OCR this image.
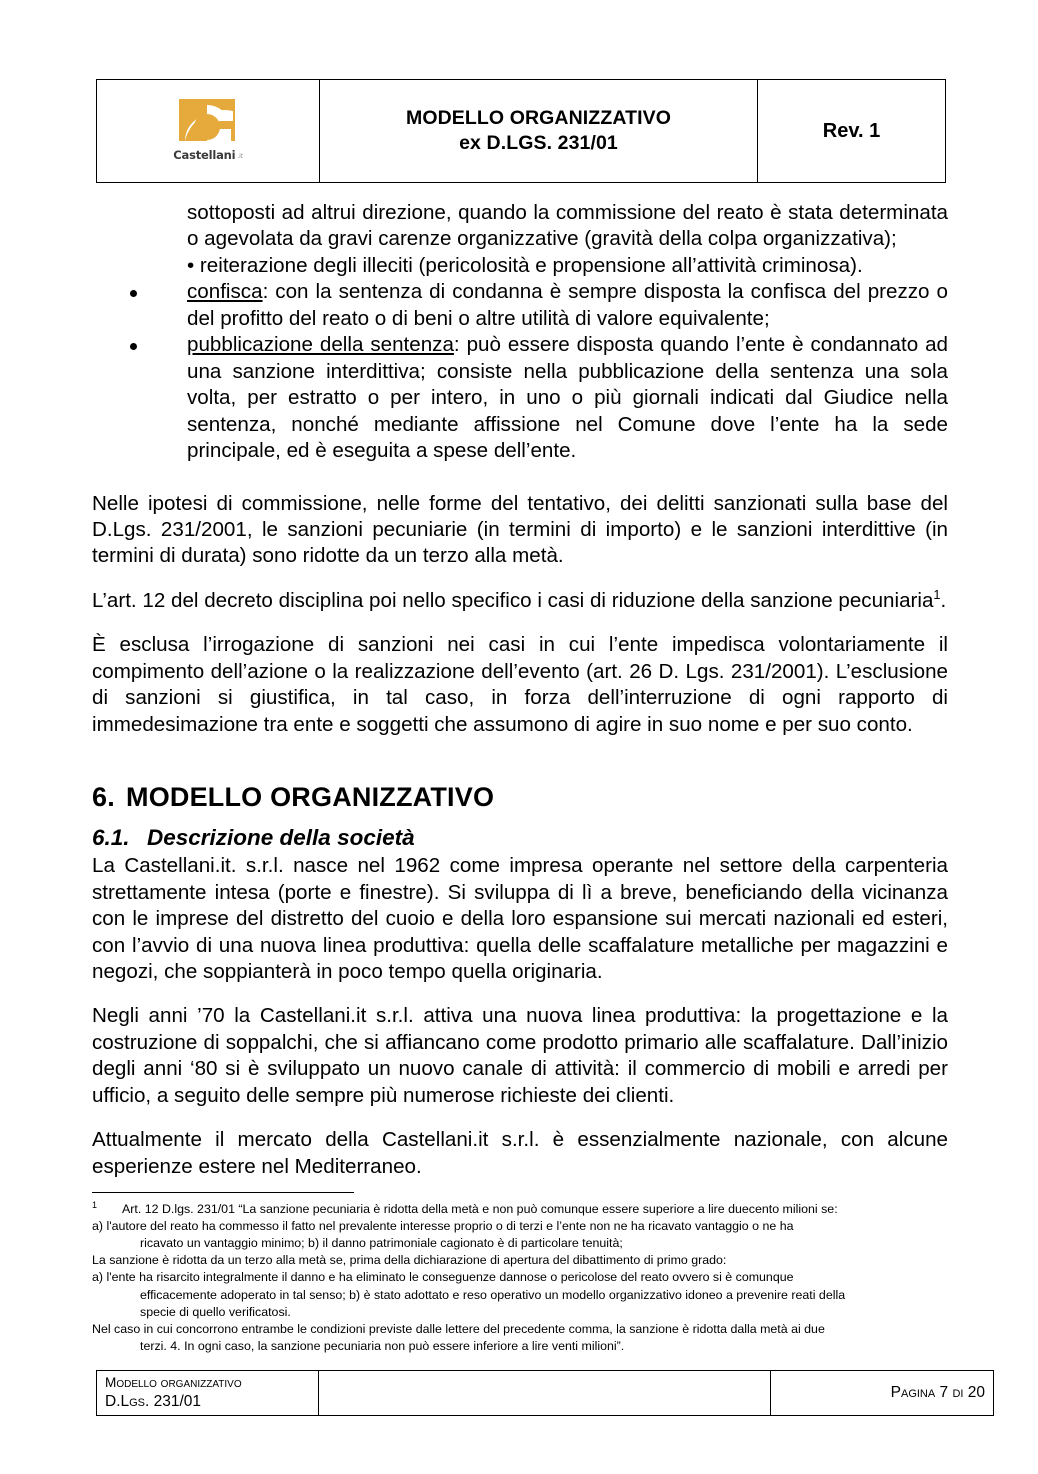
Castellani .it

MODELLO ORGANIZZATIVO
ex D.LGS. 231/01

Rev. 1

sottoposti ad altrui direzione, quando la commissione del reato è stata determinata o agevolata da gravi carenze organizzative (gravità della colpa organizzativa);

• reiterazione degli illeciti (pericolosità e propensione all’attività criminosa).

confisca: con la sentenza di condanna è sempre disposta la confisca del prezzo o del profitto del reato o di beni o altre utilità di valore equivalente;
pubblicazione della sentenza: può essere disposta quando l’ente è condannato ad una sanzione interdittiva; consiste nella pubblicazione della sentenza una sola volta, per estratto o per intero, in uno o più giornali indicati dal Giudice nella sentenza, nonché mediante affissione nel Comune dove l’ente ha la sede principale, ed è eseguita a spese dell’ente.

Nelle ipotesi di commissione, nelle forme del tentativo, dei delitti sanzionati sulla base del D.Lgs. 231/2001, le sanzioni pecuniarie (in termini di importo) e le sanzioni interdittive (in termini di durata) sono ridotte da un terzo alla metà.

L’art. 12 del decreto disciplina poi nello specifico i casi di riduzione della sanzione pecuniaria$^1$.

È esclusa l’irrogazione di sanzioni nei casi in cui l’ente impedisca volontariamente il compimento dell’azione o la realizzazione dell’evento (art. 26 D. Lgs. 231/2001). L’esclusione di sanzioni si giustifica, in tal caso, in forza dell’interruzione di ogni rapporto di immedesimazione tra ente e soggetti che assumono di agire in suo nome e per suo conto.

6. MODELLO ORGANIZZATIVO
6.1. Descrizione della società

La Castellani.it. s.r.l. nasce nel 1962 come impresa operante nel settore della carpenteria strettamente intesa (porte e finestre). Si sviluppa di lì a breve, beneficiando della vicinanza con le imprese del distretto del cuoio e della loro espansione sui mercati nazionali ed esteri, con l’avvio di una nuova linea produttiva: quella delle scaffalature metalliche per magazzini e negozi, che soppianterà in poco tempo quella originaria.

Negli anni ’70 la Castellani.it s.r.l. attiva una nuova linea produttiva: la progettazione e la costruzione di soppalchi, che si affiancano come prodotto primario alle scaffalature. Dall’inizio degli anni ‘80 si è sviluppato un nuovo canale di attività: il commercio di mobili e arredi per ufficio, a seguito delle sempre più numerose richieste dei clienti.

Attualmente il mercato della Castellani.it s.r.l. è essenzialmente nazionale, con alcune esperienze estere nel Mediterraneo.

1 Art. 12 D.lgs. 231/01 “La sanzione pecuniaria è ridotta della metà e non può comunque essere superiore a lire duecento milioni se:
a) l'autore del reato ha commesso il fatto nel prevalente interesse proprio o di terzi e l’ente non ne ha ricavato vantaggio o ne ha
ricavato un vantaggio minimo; b) il danno patrimoniale cagionato è di particolare tenuità;
La sanzione è ridotta da un terzo alla metà se, prima della dichiarazione di apertura del dibattimento di primo grado:
a) l'ente ha risarcito integralmente il danno e ha eliminato le conseguenze dannose o pericolose del reato ovvero si è comunque
efficacemente adoperato in tal senso; b) è stato adottato e reso operativo un modello organizzativo idoneo a prevenire reati della
specie di quello verificatosi.
Nel caso in cui concorrono entrambe le condizioni previste dalle lettere del precedente comma, la sanzione è ridotta dalla metà ai due
terzi. 4. In ogni caso, la sanzione pecuniaria non può essere inferiore a lire venti milioni”.
Modello organizzativo
D.Lgs. 231/01

Pagina 7 di 20
